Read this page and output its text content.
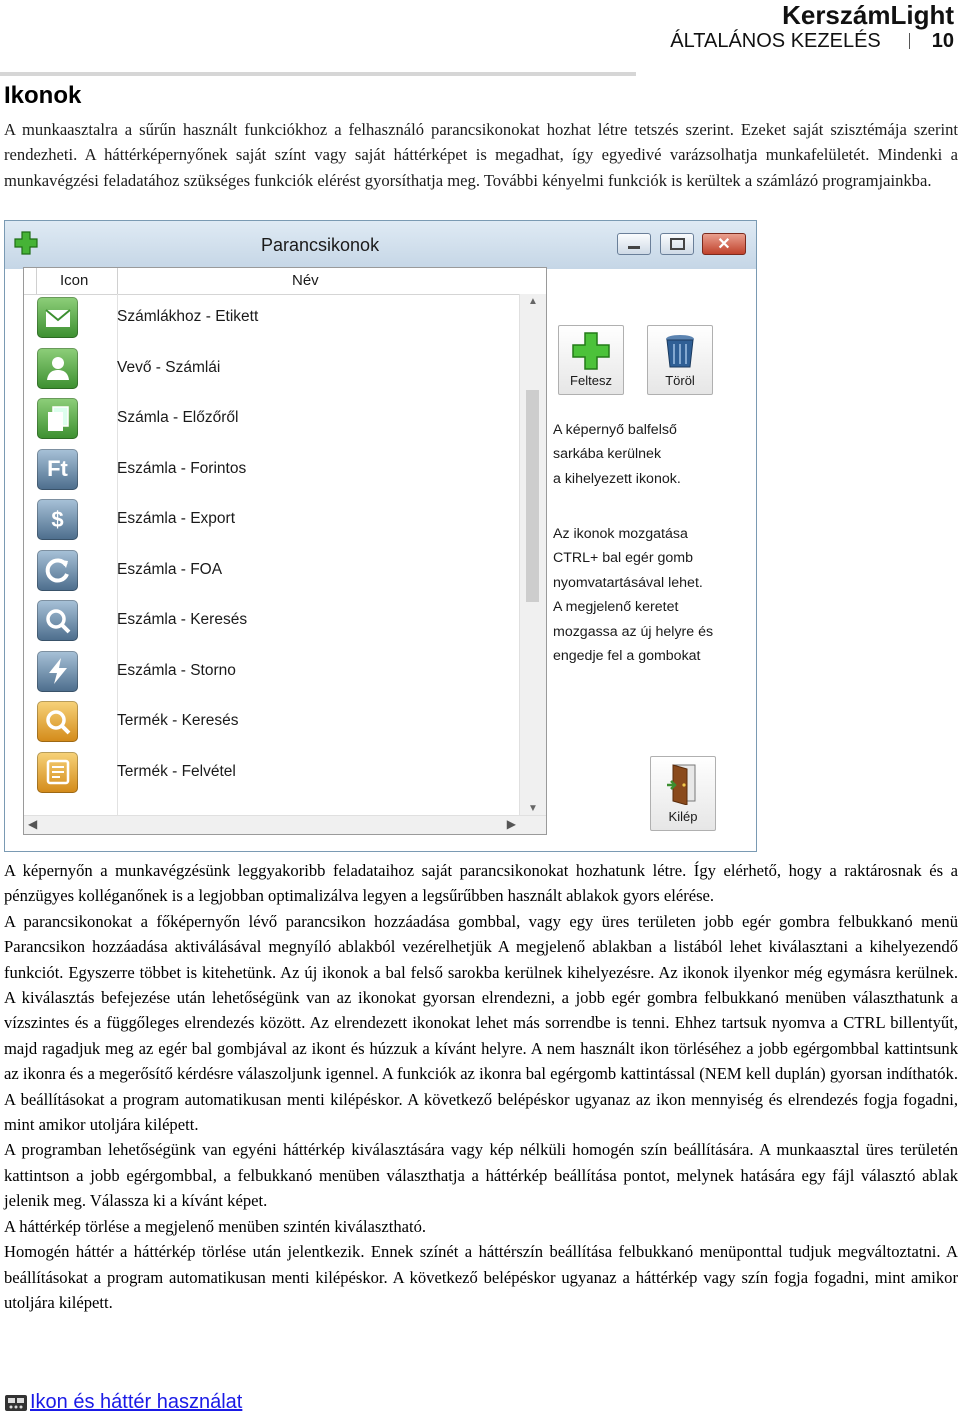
KerszámLight
ÁLTALÁNOS KEZELÉS	10
Ikonok
A munkaasztalra a sűrűn használt funkciókhoz a felhasználó parancsikonokat hozhat létre tetszés szerint. Ezeket saját szisztémája szerint rendezheti. A háttérképernyőnek saját színt vagy saját háttérképet is megadhat, így egyedivé varázsolhatja munkafelületét. Mindenki a munkavégzési feladatához szükséges funkciók elérést gyorsíthatja meg. További kényelmi funkciók is kerültek a számlázó programjainkba.
Parancsikonok	✕
Icon	Név
Számlákhoz - Etikett
Vevő - Számlái
Számla - Előzőről
Ft	Eszámla - Forintos
$	Eszámla - Export
Eszámla - FOA
Eszámla - Keresés
Eszámla - Storno
Termék - Keresés
Termék - Felvétel
▲
▼
◀	▶
Feltesz	Töröl
A képernyő balfelső
sarkába kerülnek
a kihelyezett ikonok.
Az ikonok mozgatása
CTRL+ bal egér gomb
nyomvatartásával lehet.
A megjelenő keretet
mozgassa az új helyre és
engedje fel a gombokat
Kilép

A képernyőn a munkavégzésünk leggyakoribb feladataihoz saját parancsikonokat hozhatunk létre. Így elérhető, hogy a raktárosnak és a pénzügyes kolléganőnek is a legjobban optimalizálva legyen a legsűrűbben használt ablakok gyors elérése.

A parancsikonokat a főképernyőn lévő parancsikon hozzáadása gombbal, vagy egy üres területen jobb egér gombra felbukkanó menü Parancsikon hozzáadása aktiválásával megnyíló ablakból vezérelhetjük A megjelenő ablakban a listából lehet kiválasztani a kihelyezendő funkciót. Egyszerre többet is kitehetünk. Az új ikonok a bal felső sarokba kerülnek kihelyezésre. Az ikonok ilyenkor még egymásra kerülnek. A kiválasztás befejezése után lehetőségünk van az ikonokat gyorsan elrendezni, a jobb egér gombra felbukkanó menüben választhatunk a vízszintes és a függőleges elrendezés között. Az elrendezett ikonokat lehet más sorrendbe is tenni. Ehhez tartsuk nyomva a CTRL billentyűt, majd ragadjuk meg az egér bal gombjával az ikont és húzzuk a kívánt helyre. A nem használt ikon törléséhez a jobb egérgombbal kattintsunk az ikonra és a megerősítő kérdésre válaszoljunk igennel. A funkciók az ikonra bal egérgomb kattintással (NEM kell duplán) gyorsan indíthatók. A beállításokat a program automatikusan menti kilépéskor. A következő belépéskor ugyanaz az ikon mennyiség és elrendezés fogja fogadni, mint amikor utoljára kilépett.

A programban lehetőségünk van egyéni háttérkép kiválasztására vagy kép nélküli homogén szín beállítására. A munkaasztal üres területén kattintson a jobb egérgombbal, a felbukkanó menüben választhatja a háttérkép beállítása pontot, melynek hatására egy fájl választó ablak jelenik meg. Válassza ki a kívánt képet.

A háttérkép törlése a megjelenő menüben szintén kiválasztható.

Homogén háttér a háttérkép törlése után jelentkezik. Ennek színét a háttérszín beállítása felbukkanó menüponttal tudjuk megváltoztatni. A beállításokat a program automatikusan menti kilépéskor. A következő belépéskor ugyanaz a háttérkép vagy szín fogja fogadni, mint amikor utoljára kilépett.

Ikon és háttér használat
